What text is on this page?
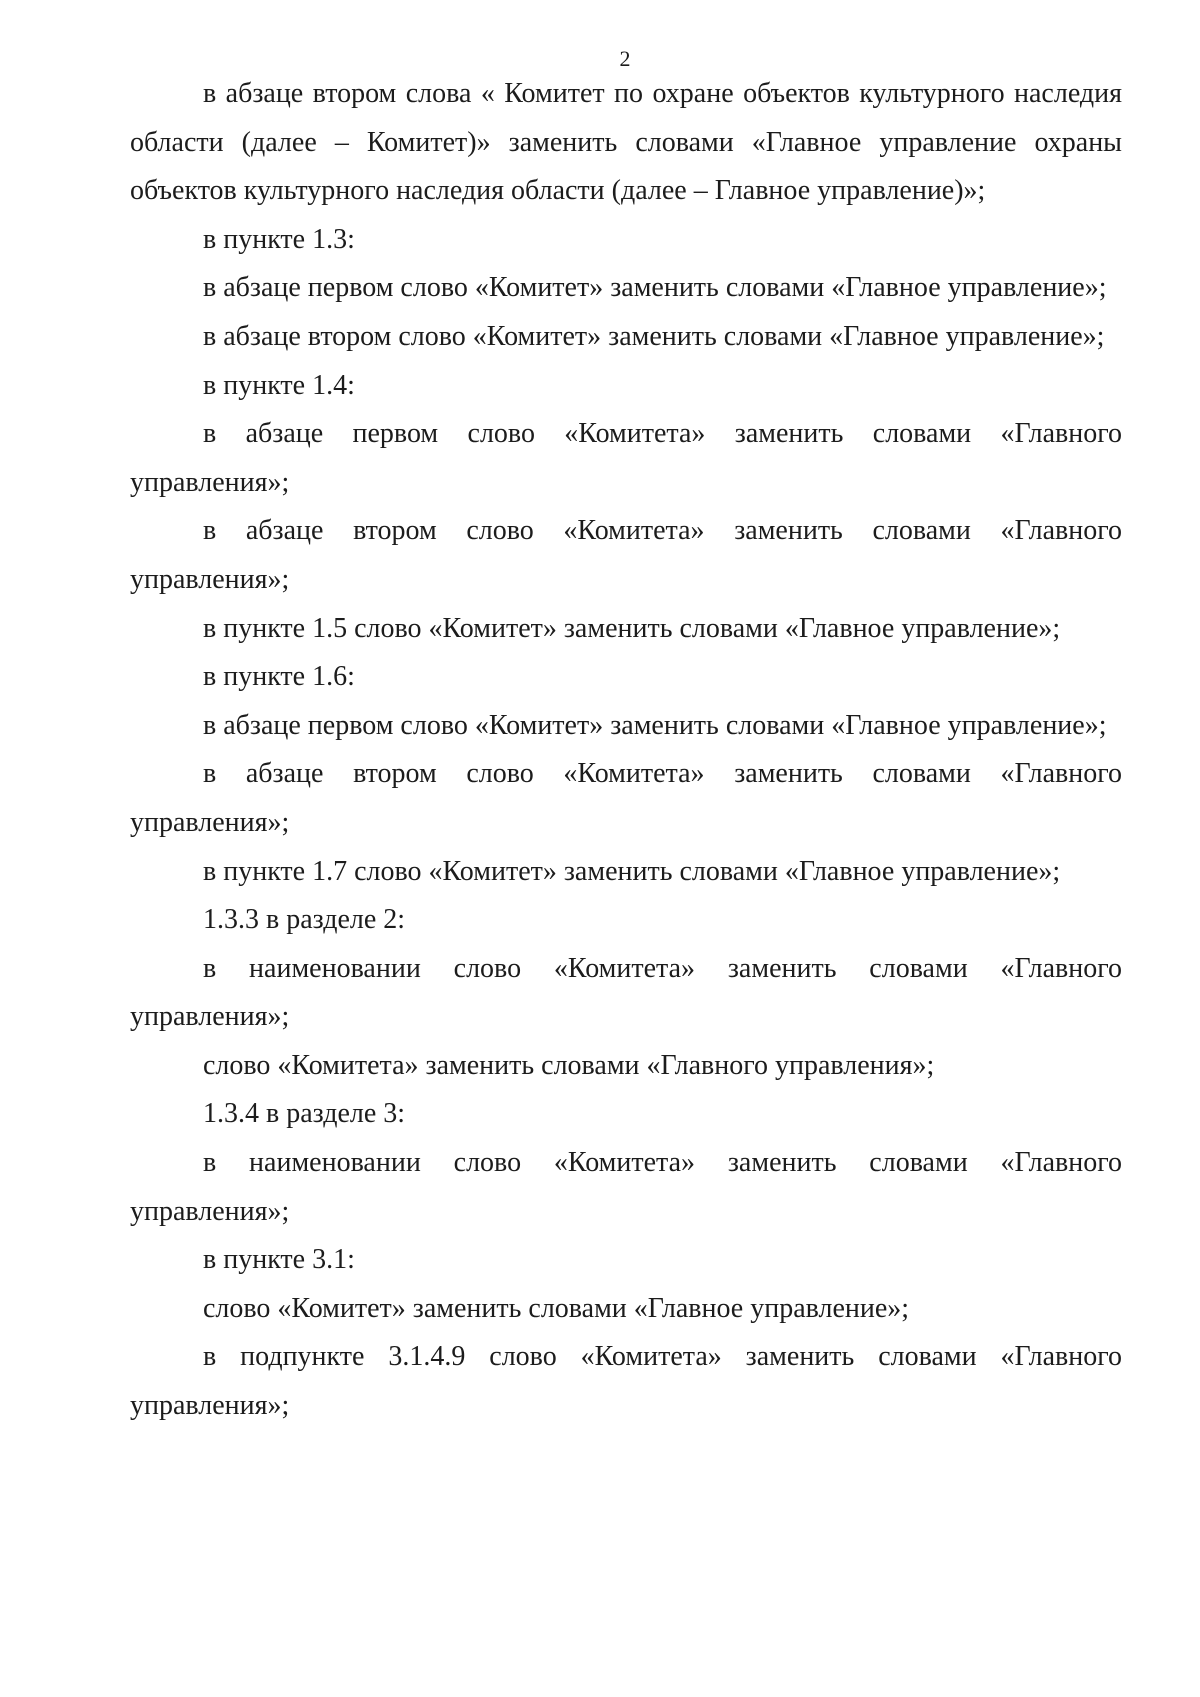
2

в абзаце втором слова « Комитет по охране объектов культурного наследия области (далее – Комитет)» заменить словами «Главное управление охраны объектов культурного наследия области (далее – Главное управление)»;

в пункте 1.3:

в абзаце первом слово «Комитет» заменить словами «Главное управление»;

в абзаце втором слово «Комитет» заменить словами «Главное управление»;

в пункте 1.4:

в абзаце первом слово «Комитета» заменить словами «Главного управления»;

в абзаце втором слово «Комитета» заменить словами «Главного управления»;

в пункте 1.5 слово «Комитет» заменить словами «Главное управление»;

в пункте 1.6:

в абзаце первом слово «Комитет» заменить словами «Главное управление»;

в абзаце втором слово «Комитета» заменить словами «Главного управления»;

в пункте 1.7 слово «Комитет» заменить словами «Главное управление»;

1.3.3 в разделе 2:

в наименовании слово «Комитета» заменить словами «Главного управления»;

слово «Комитета» заменить словами «Главного управления»;

1.3.4 в разделе 3:

в наименовании слово «Комитета» заменить словами «Главного управления»;

в пункте 3.1:

слово «Комитет» заменить словами «Главное управление»;

в подпункте 3.1.4.9 слово «Комитета» заменить словами «Главного управления»;
